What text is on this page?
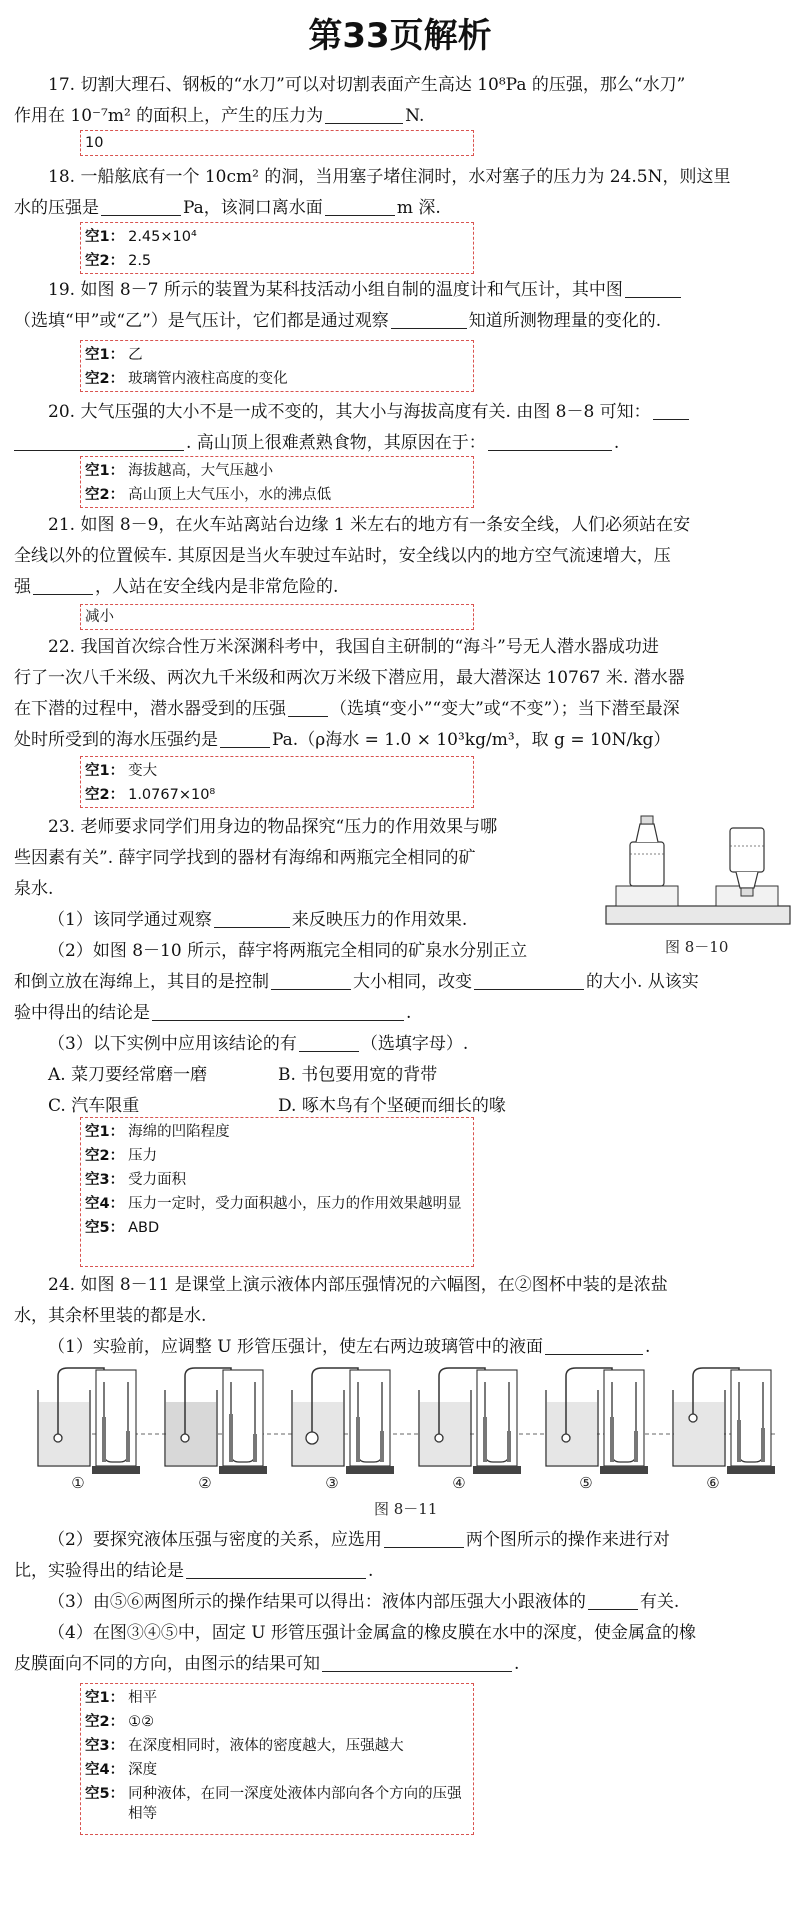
第33页解析

17. 切割大理石、钢板的“水刀”可以对切割表面产生高达 10⁸Pa 的压强，那么“水刀”

作用在 10⁻⁷m² 的面积上，产生的压力为	N.

10

18. 一船舷底有一个 10cm² 的洞，当用塞子堵住洞时，水对塞子的压力为 24.5N，则这里

水的压强是	Pa，该洞口离水面	m 深.

空1： 2.45×10⁴
空2： 2.5

19. 如图 8－7 所示的装置为某科技活动小组自制的温度计和气压计，其中图

（选填“甲”或“乙”）是气压计，它们都是通过观察	知道所测物理量的变化的.

空1： 乙
空2： 玻璃管内液柱高度的变化

20. 大气压强的大小不是一成不变的，其大小与海拔高度有关. 由图 8－8 可知：

. 高山顶上很难煮熟食物，其原因在于：	.

空1： 海拔越高，大气压越小
空2： 高山顶上大气压小，水的沸点低

21. 如图 8－9，在火车站离站台边缘 1 米左右的地方有一条安全线，人们必须站在安

全线以外的位置候车. 其原因是当火车驶过车站时，安全线以内的地方空气流速增大，压

强	，人站在安全线内是非常危险的.

减小

22. 我国首次综合性万米深渊科考中，我国自主研制的“海斗”号无人潜水器成功进

行了一次八千米级、两次九千米级和两次万米级下潜应用，最大潜深达 10767 米. 潜水器

在下潜的过程中，潜水器受到的压强	（选填“变小”“变大”或“不变”）；当下潜至最深

处时所受到的海水压强约是	Pa.（ρ海水 = 1.0 × 10³kg/m³，取 g = 10N/kg）

空1： 变大
空2： 1.0767×10⁸

23. 老师要求同学们用身边的物品探究“压力的作用效果与哪

些因素有关”. 薛宇同学找到的器材有海绵和两瓶完全相同的矿

泉水.

（1）该同学通过观察	来反映压力的作用效果.

（2）如图 8－10 所示，薛宇将两瓶完全相同的矿泉水分别正立	图 8－10

和倒立放在海绵上，其目的是控制	大小相同，改变	的大小. 从该实

验中得出的结论是	.

（3）以下实例中应用该结论的有	（选填字母）.

A. 菜刀要经常磨一磨	B. 书包要用宽的背带
C. 汽车限重	D. 啄木鸟有个坚硬而细长的喙
空1： 海绵的凹陷程度
空2： 压力
空3： 受力面积
空4： 压力一定时，受力面积越小，压力的作用效果越明显
空5： ABD

24. 如图 8－11 是课堂上演示液体内部压强情况的六幅图，在②图杯中装的是浓盐

水，其余杯里装的都是水.

（1）实验前，应调整 U 形管压强计，使左右两边玻璃管中的液面	.

①	②	③	④	⑤	⑥
图 8－11

（2）要探究液体压强与密度的关系，应选用	两个图所示的操作来进行对

比，实验得出的结论是	.

（3）由⑤⑥两图所示的操作结果可以得出：液体内部压强大小跟液体的	有关.

（4）在图③④⑤中，固定 U 形管压强计金属盒的橡皮膜在水中的深度，使金属盒的橡

皮膜面向不同的方向，由图示的结果可知	.

空1： 相平
空2： ①②
空3： 在深度相同时，液体的密度越大，压强越大
空4： 深度
空5： 同种液体，在同一深度处液体内部向各个方向的压强相等
